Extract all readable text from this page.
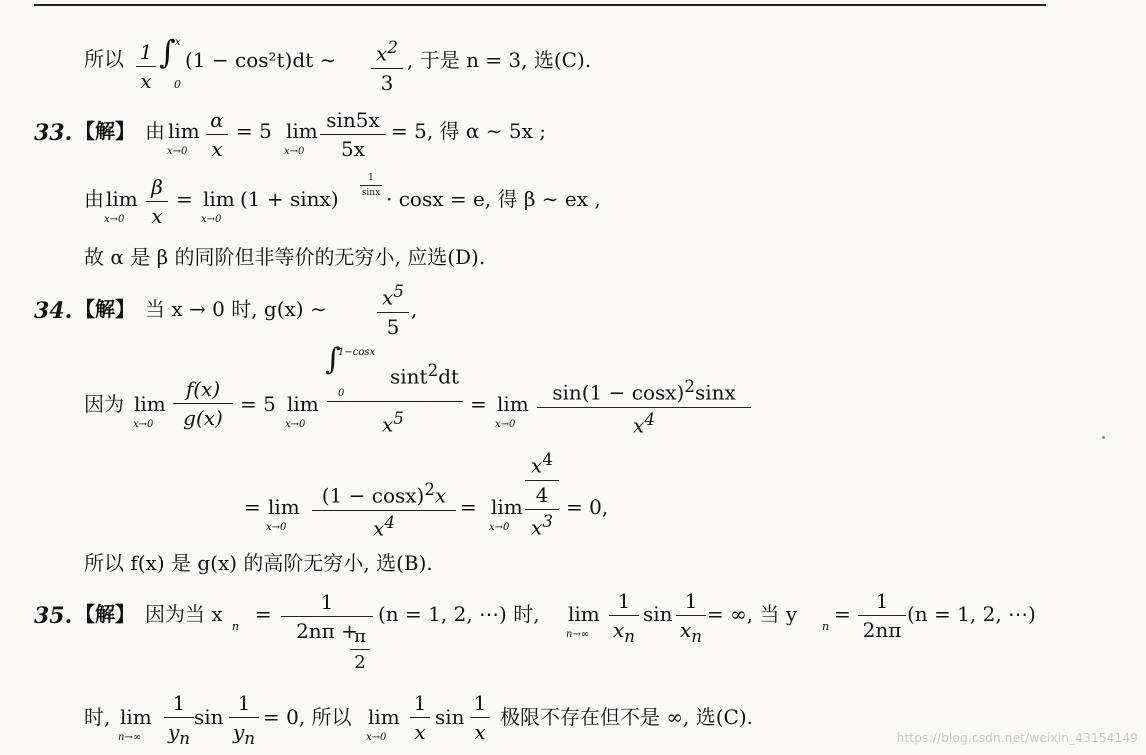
所以 1
x
∫ x
0
(1 − cos²t)dt ∼ $x^2$
3
, 于是 n = 3, 选(C).
33. 【解】 由 lim
x→0
α
x
= 5 lim
x→0
sin5x
5x
= 5, 得 α ∼ 5x ;
由 lim
x→0
β
x
= lim
x→0
(1 + sinx)
1
sinx · cosx = e, 得 β ∼ ex ,
故 α 是 β 的同阶但非等价的无穷小, 应选(D).
34. 【解】 当 x → 0 时, g(x) ∼	$x^5$
5
,
因为 lim
x→0
f(x)
g(x)
= 5 lim
x→0
∫
1−cosx
0
sint$^2$dt
$x^5$
= lim
x→0
$\sin(1 - \cos x)^2\sin x$
$x^4$
= lim
x→0
$(1 - \cos x)^2x$
$x^4$
= lim
x→0
$x^4$
4
$x^3$
= 0,
所以 f(x) 是 g(x) 的高阶无穷小, 选(B).
35. 【解】 因为当 x
n
=	1
2nπ +
π
2
(n = 1, 2, ⋯) 时, lim
n→∞
1
$x_n$
sin
1
$x_n$
= ∞, 当 y
n
=
1
2nπ
(n = 1, 2, ⋯)
时, lim
n→∞
1
$y_n$
sin
1
$y_n$
= 0, 所以 lim
x→0
1
x
sin
1
x
极限不存在但不是 ∞, 选(C).
https://blog.csdn.net/weixin_43154149
